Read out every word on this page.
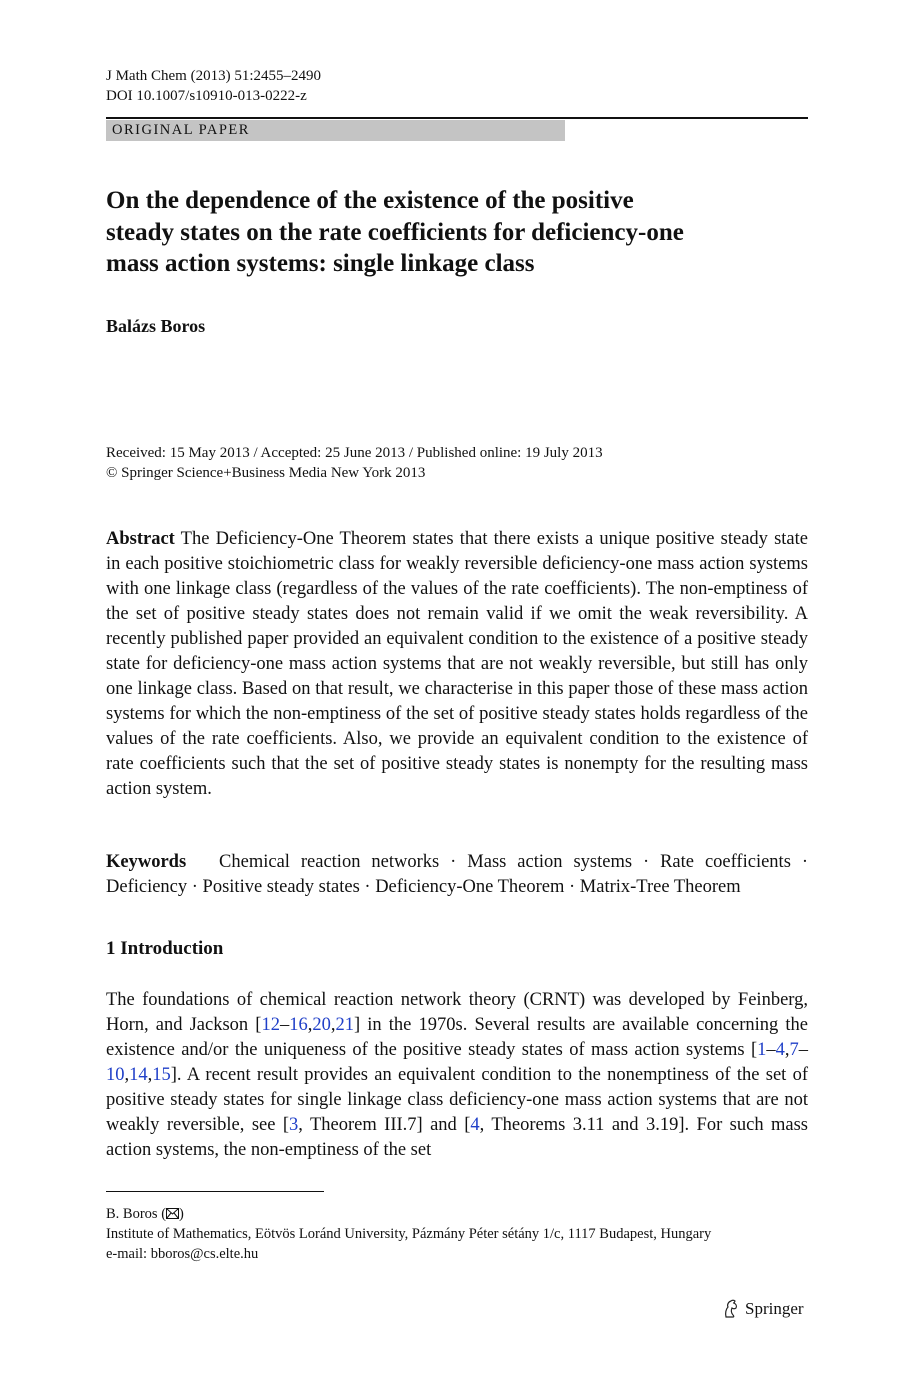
J Math Chem (2013) 51:2455–2490
DOI 10.1007/s10910-013-0222-z
ORIGINAL PAPER
On the dependence of the existence of the positive
steady states on the rate coefficients for deficiency-one
mass action systems: single linkage class
Balázs Boros
Received: 15 May 2013 / Accepted: 25 June 2013 / Published online: 19 July 2013
© Springer Science+Business Media New York 2013
Abstract The Deficiency-One Theorem states that there exists a unique positive steady state in each positive stoichiometric class for weakly reversible deficiency-one mass action systems with one linkage class (regardless of the values of the rate coefficients). The non-emptiness of the set of positive steady states does not remain valid if we omit the weak reversibility. A recently published paper provided an equivalent condition to the existence of a positive steady state for deficiency-one mass action systems that are not weakly reversible, but still has only one linkage class. Based on that result, we characterise in this paper those of these mass action systems for which the non-emptiness of the set of positive steady states holds regardless of the values of the rate coefficients. Also, we provide an equivalent condition to the existence of rate coefficients such that the set of positive steady states is nonempty for the resulting mass action system.
Keywords Chemical reaction networks · Mass action systems · Rate coefficients · Deficiency · Positive steady states · Deficiency-One Theorem · Matrix-Tree Theorem
1 Introduction
The foundations of chemical reaction network theory (CRNT) was developed by Feinberg, Horn, and Jackson [12–16,20,21] in the 1970s. Several results are available concerning the existence and/or the uniqueness of the positive steady states of mass action systems [1–4,7–10,14,15]. A recent result provides an equivalent condition to the nonemptiness of the set of positive steady states for single linkage class deficiency-one mass action systems that are not weakly reversible, see [3, Theorem III.7] and [4, Theorems 3.11 and 3.19]. For such mass action systems, the non-emptiness of the set
B. Boros ( )
Institute of Mathematics, Eötvös Loránd University, Pázmány Péter sétány 1/c, 1117 Budapest, Hungary
e-mail: bboros@cs.elte.hu
Springer
